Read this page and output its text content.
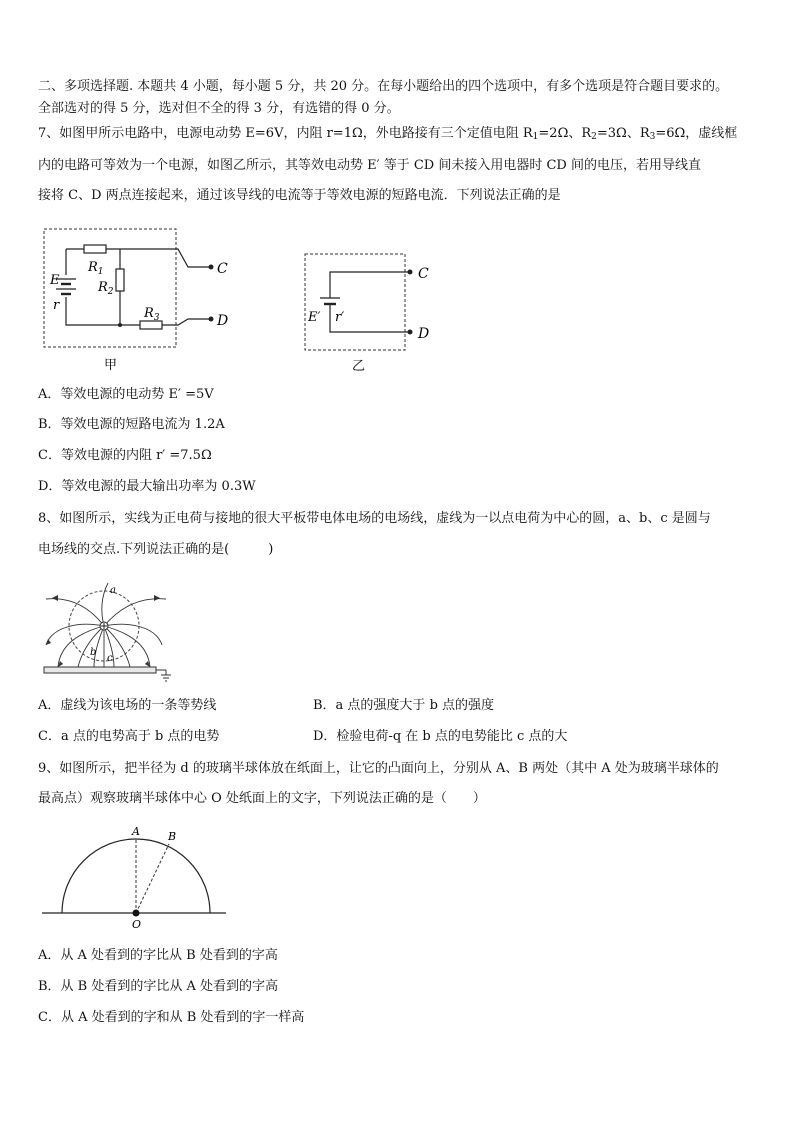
二、多项选择题. 本题共 4 小题，每小题 5 分，共 20 分。在每小题给出的四个选项中，有多个选项是符合题目要求的。
全部选对的得 5 分，选对但不全的得 3 分，有选错的得 0 分。
7、如图甲所示电路中，电源电动势 E=6V，内阻 r=1Ω，外电路接有三个定值电阻 $R_1=2\Omega$、$R_2=3\Omega$、$R_3=6\Omega$，虚线框
内的电路可等效为一个电源，如图乙所示，其等效电动势 E′ 等于 CD 间未接入用电器时 CD 间的电压，若用导线直
接将 C、D 两点连接起来，通过该导线的电流等于等效电源的短路电流．下列说法正确的是
E
r
$R_1$
$R_2$
$R_3$
C
D
甲
E′ r′
C
D
乙
A．等效电源的电动势 E′ =5V
B．等效电源的短路电流为 1.2A
C．等效电源的内阻 r′ =7.5Ω
D．等效电源的最大输出功率为 0.3W
8、如图所示，实线为正电荷与接地的很大平板带电体电场的电场线，虚线为一以点电荷为中心的圆，a、b、c 是圆与
电场线的交点.下列说法正确的是(　　　)
a
b
c
A．虚线为该电场的一条等势线	B．a 点的强度大于 b 点的强度
C．a 点的电势高于 b 点的电势	D．检验电荷-q 在 b 点的电势能比 c 点的大
9、如图所示，把半径为 d 的玻璃半球体放在纸面上，让它的凸面向上，分别从 A、B 两处（其中 A 处为玻璃半球体的
最高点）观察玻璃半球体中心 O 处纸面上的文字，下列说法正确的是（　　）
A	B
O
A．从 A 处看到的字比从 B 处看到的字高
B．从 B 处看到的字比从 A 处看到的字高
C．从 A 处看到的字和从 B 处看到的字一样高
